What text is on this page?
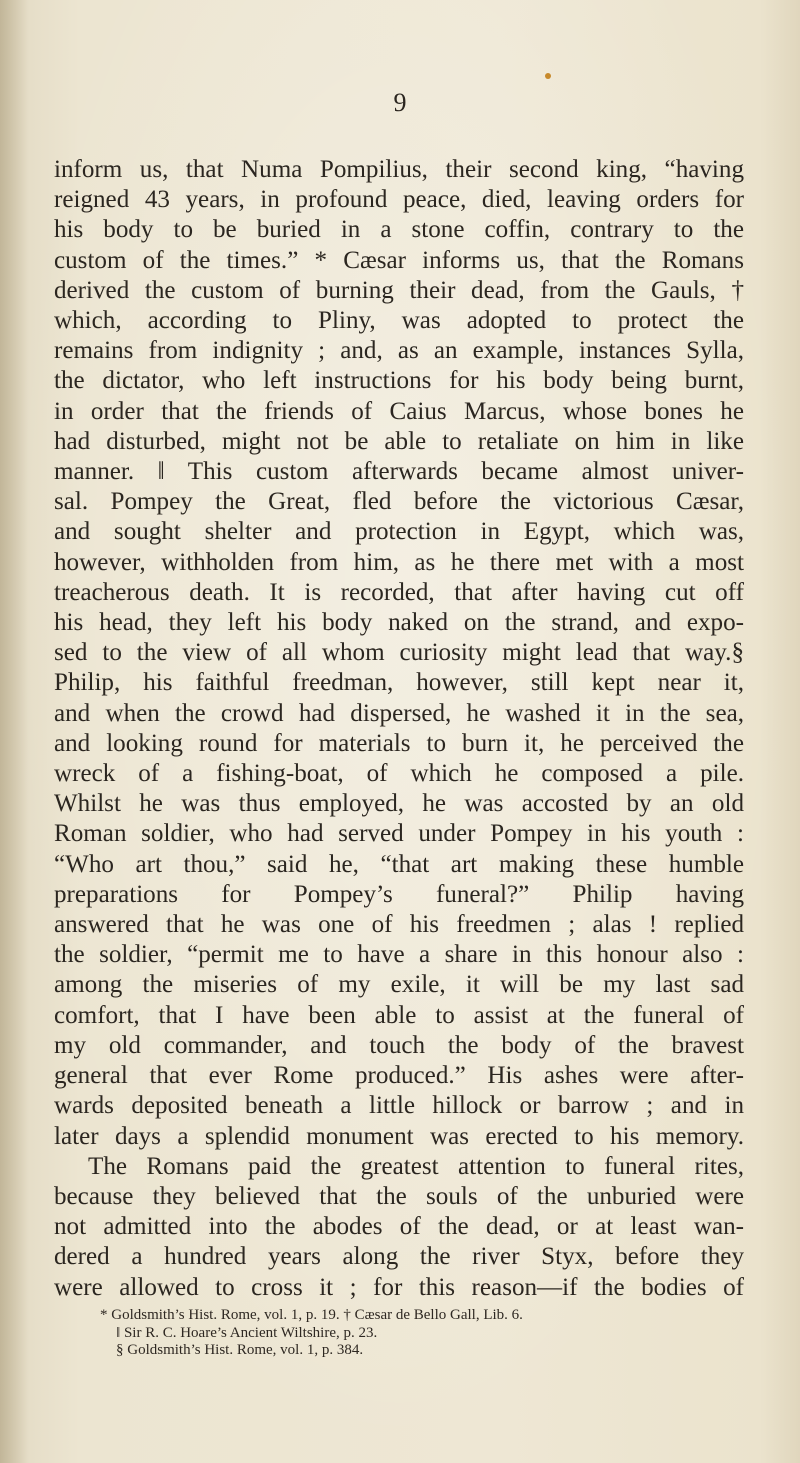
9
inform us, that Numa Pompilius, their second king, “having
reigned 43 years, in profound peace, died, leaving orders for
his body to be buried in a stone coffin, contrary to the
custom of the times.” * Cæsar informs us, that the Romans
derived the custom of burning their dead, from the Gauls, †
which, according to Pliny, was adopted to protect the
remains from indignity ; and, as an example, instances Sylla,
the dictator, who left instructions for his body being burnt,
in order that the friends of Caius Marcus, whose bones he
had disturbed, might not be able to retaliate on him in like
manner. ‖ This custom afterwards became almost univer-
sal. Pompey the Great, fled before the victorious Cæsar,
and sought shelter and protection in Egypt, which was,
however, withholden from him, as he there met with a most
treacherous death. It is recorded, that after having cut off
his head, they left his body naked on the strand, and expo-
sed to the view of all whom curiosity might lead that way.§
Philip, his faithful freedman, however, still kept near it,
and when the crowd had dispersed, he washed it in the sea,
and looking round for materials to burn it, he perceived the
wreck of a fishing-boat, of which he composed a pile.
Whilst he was thus employed, he was accosted by an old
Roman soldier, who had served under Pompey in his youth :
“Who art thou,” said he, “that art making these humble
preparations for Pompey’s funeral?” Philip having
answered that he was one of his freedmen ; alas ! replied
the soldier, “permit me to have a share in this honour also :
among the miseries of my exile, it will be my last sad
comfort, that I have been able to assist at the funeral of
my old commander, and touch the body of the bravest
general that ever Rome produced.” His ashes were after-
wards deposited beneath a little hillock or barrow ; and in
later days a splendid monument was erected to his memory.
The Romans paid the greatest attention to funeral rites,
because they believed that the souls of the unburied were
not admitted into the abodes of the dead, or at least wan-
dered a hundred years along the river Styx, before they
were allowed to cross it ; for this reason—if the bodies of
* Goldsmith’s Hist. Rome, vol. 1, p. 19. † Cæsar de Bello Gall, Lib. 6.
‖ Sir R. C. Hoare’s Ancient Wiltshire, p. 23.
§ Goldsmith’s Hist. Rome, vol. 1, p. 384.
